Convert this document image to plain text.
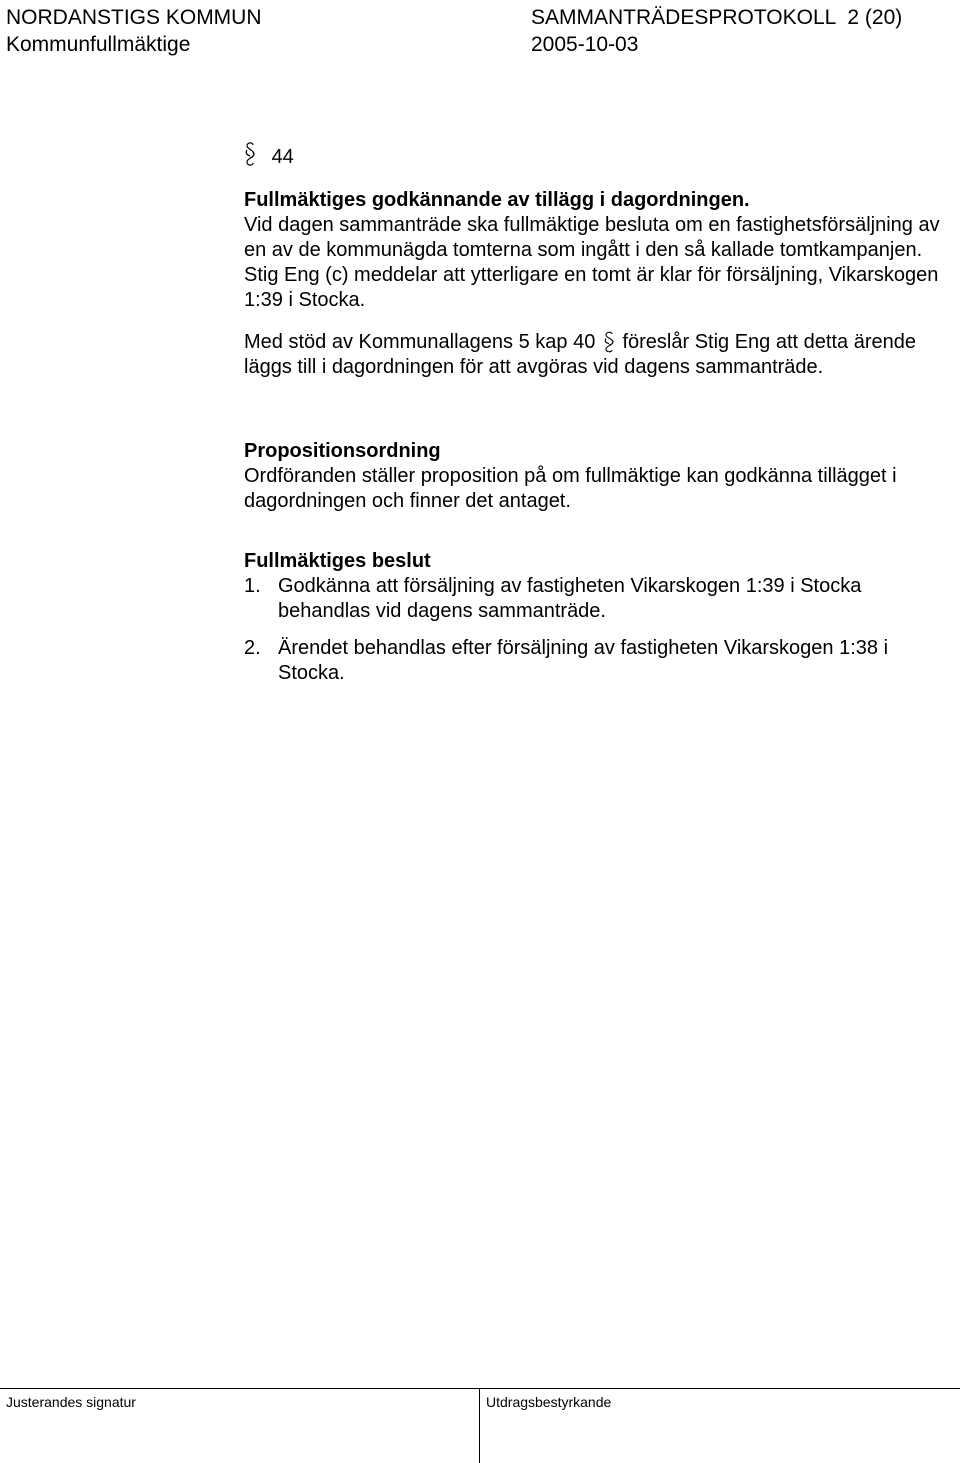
NORDANSTIGS KOMMUN	SAMMANTRÄDESPROTOKOLL 2 (20)
Kommunfullmäktige	2005-10-03
44
Fullmäktiges godkännande av tillägg i dagordningen.
Vid dagen sammanträde ska fullmäktige besluta om en fastighetsförsäljning av en av de kommunägda tomterna som ingått i den så kallade tomtkampanjen. Stig Eng (c) meddelar att ytterligare en tomt är klar för försäljning, Vikarskogen 1:39 i Stocka.
Med stöd av Kommunallagens 5 kap 40 föreslår Stig Eng att detta ärende läggs till i dagordningen för att avgöras vid dagens sammanträde.
Propositionsordning
Ordföranden ställer proposition på om fullmäktige kan godkänna tillägget i dagordningen och finner det antaget.
Fullmäktiges beslut
1. Godkänna att försäljning av fastigheten Vikarskogen 1:39 i Stocka behandlas vid dagens sammanträde.
2. Ärendet behandlas efter försäljning av fastigheten Vikarskogen 1:38 i Stocka.
Justerandes signatur	Utdragsbestyrkande
